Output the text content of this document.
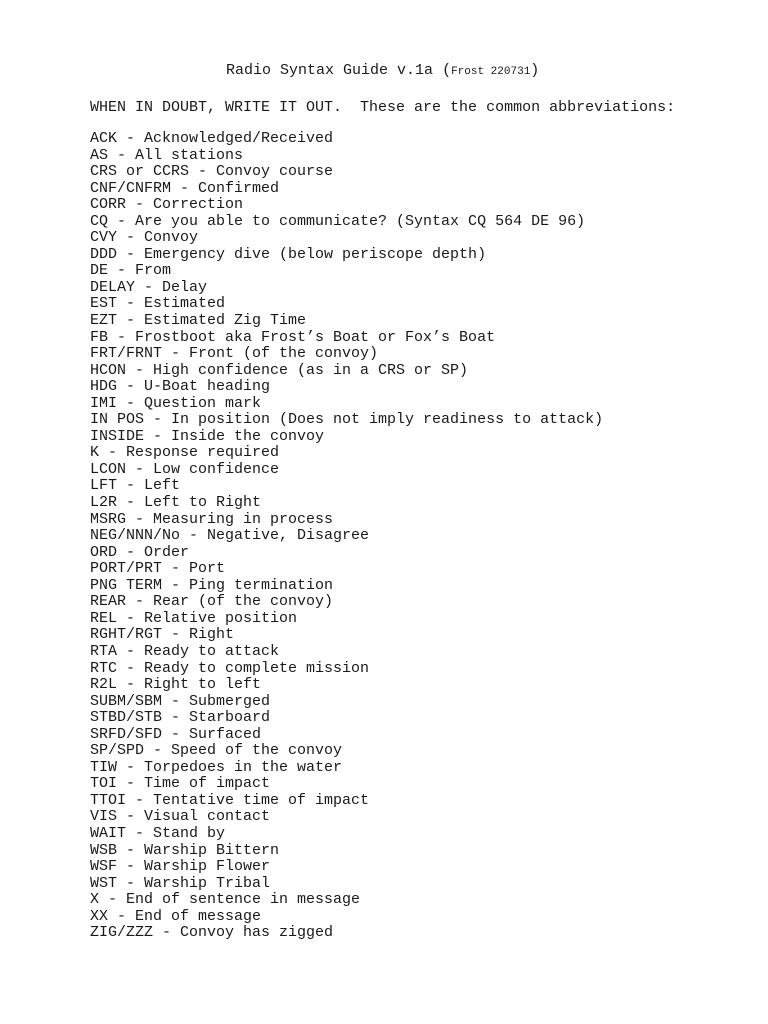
Radio Syntax Guide v.1a (Frost 220731)
WHEN IN DOUBT, WRITE IT OUT.  These are the common abbreviations:
ACK - Acknowledged/Received
AS - All stations
CRS or CCRS - Convoy course
CNF/CNFRM - Confirmed
CORR - Correction
CQ - Are you able to communicate? (Syntax CQ 564 DE 96)
CVY - Convoy
DDD - Emergency dive (below periscope depth)
DE - From
DELAY - Delay
EST - Estimated
EZT - Estimated Zig Time
FB - Frostboot aka Frost’s Boat or Fox’s Boat
FRT/FRNT - Front (of the convoy)
HCON - High confidence (as in a CRS or SP)
HDG - U-Boat heading
IMI - Question mark
IN POS - In position (Does not imply readiness to attack)
INSIDE - Inside the convoy
K - Response required
LCON - Low confidence
LFT - Left
L2R - Left to Right
MSRG - Measuring in process
NEG/NNN/No - Negative, Disagree
ORD - Order
PORT/PRT - Port
PNG TERM - Ping termination
REAR - Rear (of the convoy)
REL - Relative position
RGHT/RGT - Right
RTA - Ready to attack
RTC - Ready to complete mission
R2L - Right to left
SUBM/SBM - Submerged
STBD/STB - Starboard
SRFD/SFD - Surfaced
SP/SPD - Speed of the convoy
TIW - Torpedoes in the water
TOI - Time of impact
TTOI - Tentative time of impact
VIS - Visual contact
WAIT - Stand by
WSB - Warship Bittern
WSF - Warship Flower
WST - Warship Tribal
X - End of sentence in message
XX - End of message
ZIG/ZZZ - Convoy has zigged
